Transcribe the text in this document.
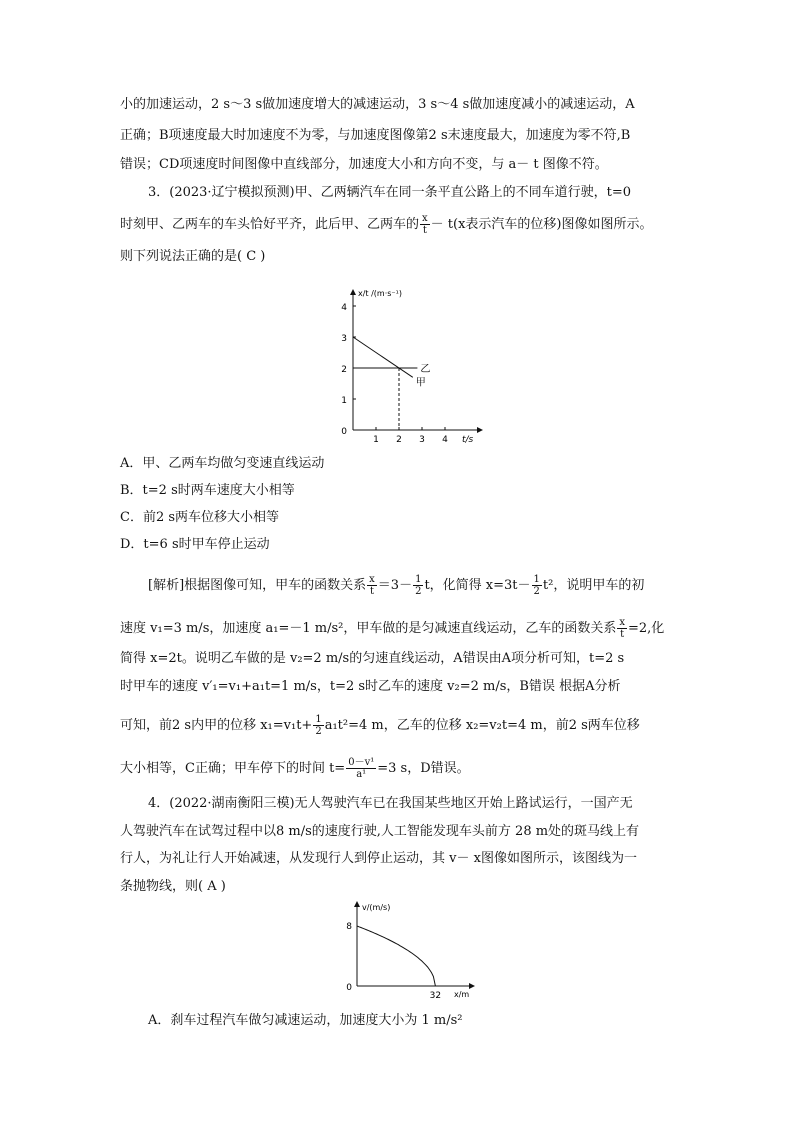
小的加速运动，2 s～3 s做加速度增大的减速运动，3 s～4 s做加速度减小的减速运动，A
正确；B项速度最大时加速度不为零，与加速度图像第2 s末速度最大，加速度为零不符,B
错误；CD项速度时间图像中直线部分，加速度大小和方向不变，与 a－ t 图像不符。
3．(2023·辽宁模拟预测)甲、乙两辆汽车在同一条平直公路上的不同车道行驶，t=0
时刻甲、乙两车的车头恰好平齐，此后甲、乙两车的 $\frac{x}{t} - t(x$表示汽车的位移)图像如图所示。
则下列说法正确的是( C )
x/t /(m·s⁻¹)
t/s
0
1
2
3
4
1 2 3 4
乙
甲
A．甲、乙两车均做匀变速直线运动
B．t=2 s时两车速度大小相等
C．前2 s两车位移大小相等
D．t=6 s时甲车停止运动
[解析]根据图像可知，甲车的函数关系 $\frac{x}{t} =3- \frac{1}{2}$ t，化简得 $x=3t- \frac{1}{2} t^2$，说明甲车的初
速度 v₁=3 m/s，加速度 a₁=－1 m/s²，甲车做的是匀减速直线运动，乙车的函数关系 $\frac{x}{t} =2$,化
简得 x=2t。说明乙车做的是 v₂=2 m/s的匀速直线运动，A错误由A项分析可知，t=2 s
时甲车的速度 v′₁=v₁+a₁t=1 m/s，t=2 s时乙车的速度 v₂=2 m/s，B错误 根据A分析
可知，前2 s内甲的位移 $x_1=v_1t+ \frac{1}{2} a_1t^2=4$ m，乙车的位移 x₂=v₂t=4 m，前2 s两车位移
大小相等，C正确；甲车停下的时间 $t= \frac{\text{0－v¹}}{\text{a¹}} =3$ s，D错误。
4．(2022·湖南衡阳三模)无人驾驶汽车已在我国某些地区开始上路试运行，一国产无
人驾驶汽车在试驾过程中以8 m/s的速度行驶,人工智能发现车头前方 28 m处的斑马线上有
行人，为礼让行人开始减速，从发现行人到停止运动，其 v－ x图像如图所示，该图线为一
条抛物线，则( A )
v/(m/s)
x/m
8
0
32
A．刹车过程汽车做匀减速运动，加速度大小为 1 m/s²
